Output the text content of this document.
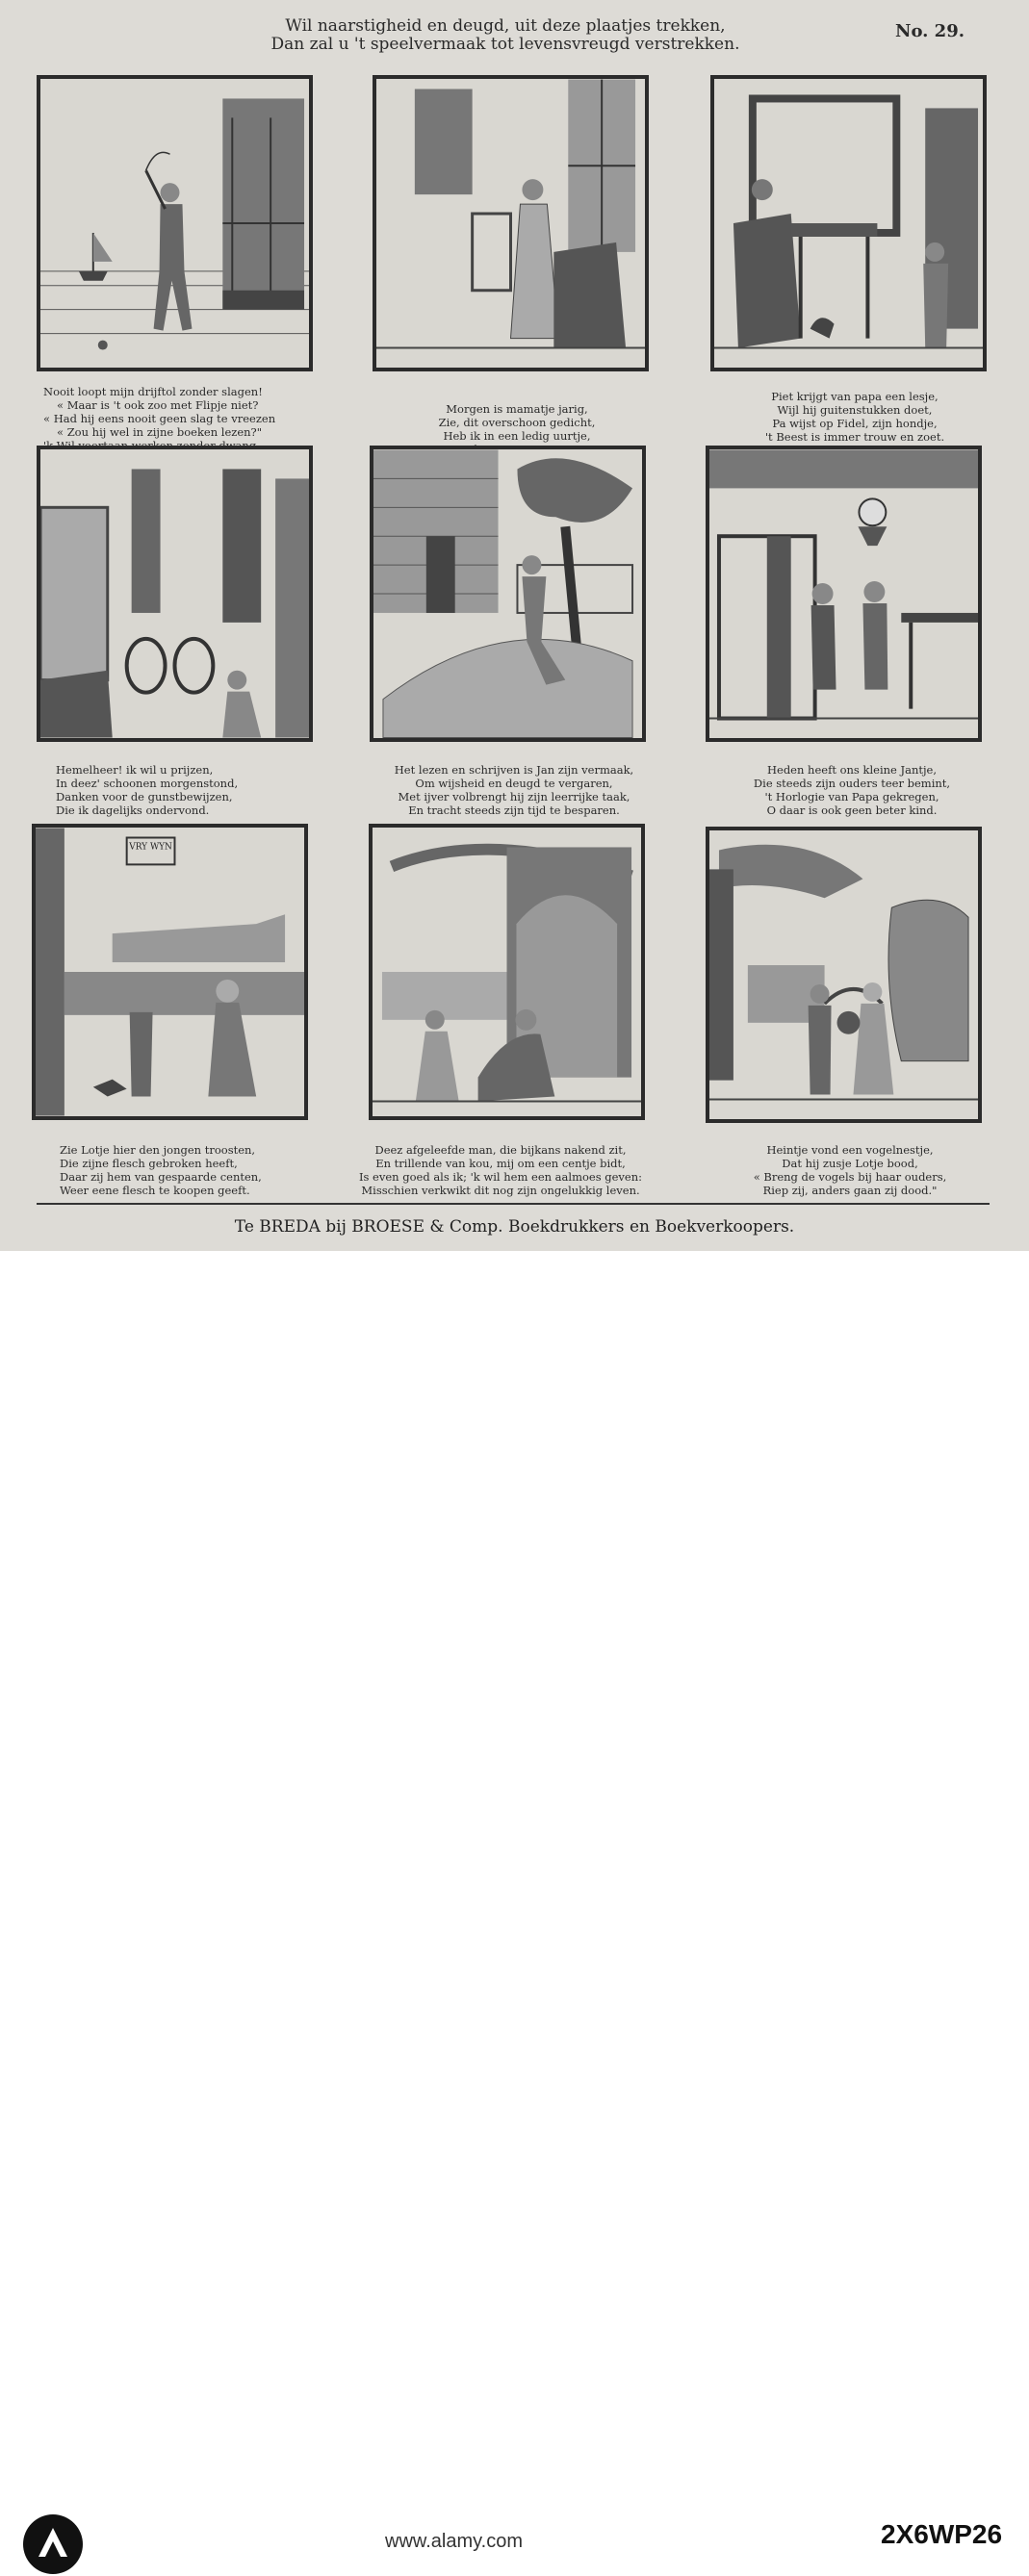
Wil naarstigheid en deugd, uit deze plaatjes trekken,
Dan zal u 't speelvermaak tot levensvreugd verstrekken.
No. 29.
Nooit loopt mijn drijftol zonder slagen!
« Maar is 't ook zoo met Flipje niet?
« Had hij eens nooit geen slag te vreezen
« Zou hij wel in zijne boeken lezen?"
Morgen is mamatje jarig,
Zie, dit overschoon gedicht,
Heb ik in een ledig uurtje,
Piet krijgt van papa een lesje,
Wijl hij guitenstukken doet,
Pa wijst op Fidel, zijn hondje,
't Beest is immer trouw en zoet.
Hemelheer! ik wil u prijzen,
In deez' schoonen morgenstond,
Danken voor de gunstbewijzen,
Die ik dagelijks ondervond.
Het lezen en schrijven is Jan zijn vermaak,
Om wijsheid en deugd te vergaren,
Met ijver volbrengt hij zijn leerrijke taak,
En tracht steeds zijn tijd te besparen.
Heden heeft ons kleine Jantje,
Die steeds zijn ouders teer bemint,
't Horlogie van Papa gekregen,
O daar is ook geen beter kind.
VRY WYN
Zie Lotje hier den jongen troosten,
Die zijne flesch gebroken heeft,
Daar zij hem van gespaarde centen,
Weer eene flesch te koopen geeft.
Deez afgeleefde man, die bijkans nakend zit,
En trillende van kou, mij om een centje bidt,
Is even goed als ik; 'k wil hem een aalmoes geven:
Misschien verkwikt dit nog zijn ongelukkig leven.
Heintje vond een vogelnestje,
Dat hij zusje Lotje bood,
« Breng de vogels bij haar ouders,
Riep zij, anders gaan zij dood."
Te BREDA bij BROESE & Comp. Boekdrukkers en Boekverkoopers.
www.alamy.com	2X6WP26
